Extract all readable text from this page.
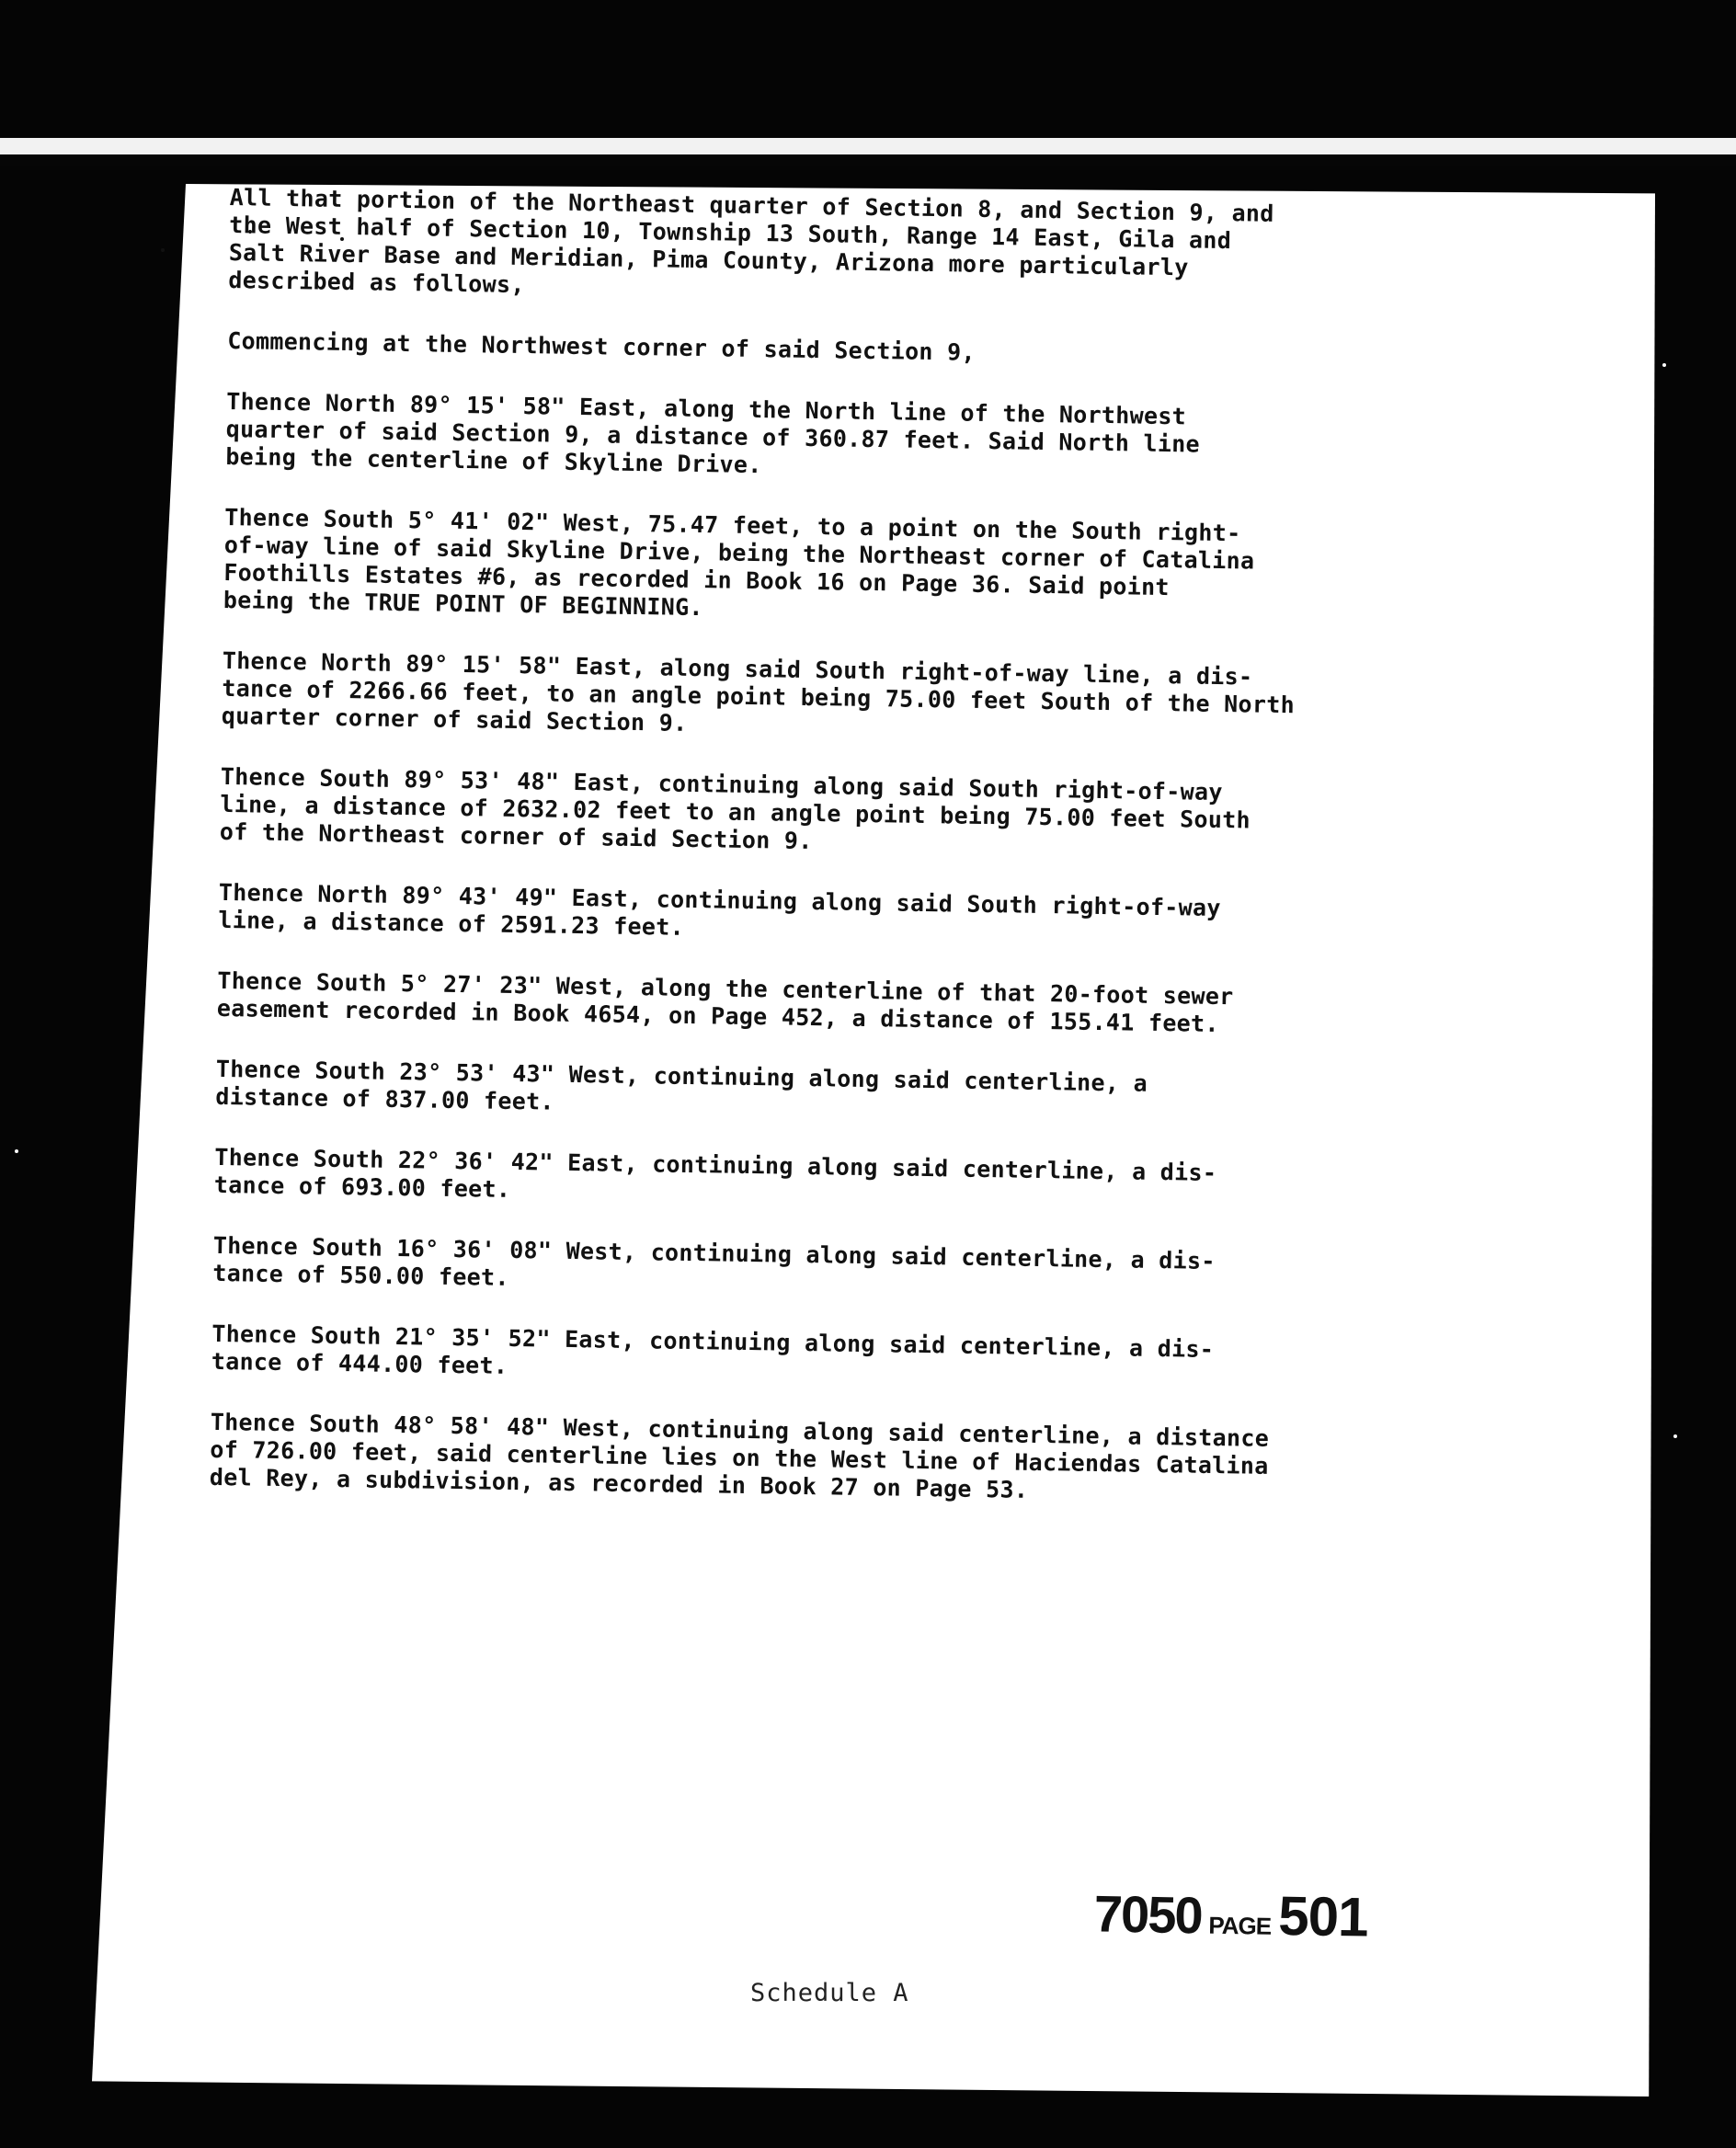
All that portion of the Northeast quarter of Section 8, and Section 9, and
the West half of Section 10, Township 13 South, Range 14 East, Gila and
Salt River Base and Meridian, Pima County, Arizona more particularly
described as follows,

Commencing at the Northwest corner of said Section 9,

Thence North 89° 15' 58" East, along the North line of the Northwest
quarter of said Section 9, a distance of 360.87 feet. Said North line
being the centerline of Skyline Drive.

Thence South 5° 41' 02" West, 75.47 feet, to a point on the South right-
of-way line of said Skyline Drive, being the Northeast corner of Catalina
Foothills Estates #6, as recorded in Book 16 on Page 36. Said point
being the TRUE POINT OF BEGINNING.

Thence North 89° 15' 58" East, along said South right-of-way line, a dis-
tance of 2266.66 feet, to an angle point being 75.00 feet South of the North
quarter corner of said Section 9.

Thence South 89° 53' 48" East, continuing along said South right-of-way
line, a distance of 2632.02 feet to an angle point being 75.00 feet South
of the Northeast corner of said Section 9.

Thence North 89° 43' 49" East, continuing along said South right-of-way
line, a distance of 2591.23 feet.

Thence South 5° 27' 23" West, along the centerline of that 20-foot sewer
easement recorded in Book 4654, on Page 452, a distance of 155.41 feet.

Thence South 23° 53' 43" West, continuing along said centerline, a
distance of 837.00 feet.

Thence South 22° 36' 42" East, continuing along said centerline, a dis-
tance of 693.00 feet.

Thence South 16° 36' 08" West, continuing along said centerline, a dis-
tance of 550.00 feet.

Thence South 21° 35' 52" East, continuing along said centerline, a dis-
tance of 444.00 feet.

Thence South 48° 58' 48" West, continuing along said centerline, a distance
of 726.00 feet, said centerline lies on the West line of Haciendas Catalina
del Rey, a subdivision, as recorded in Book 27 on Page 53.

7050 PAGE 501
Schedule A
